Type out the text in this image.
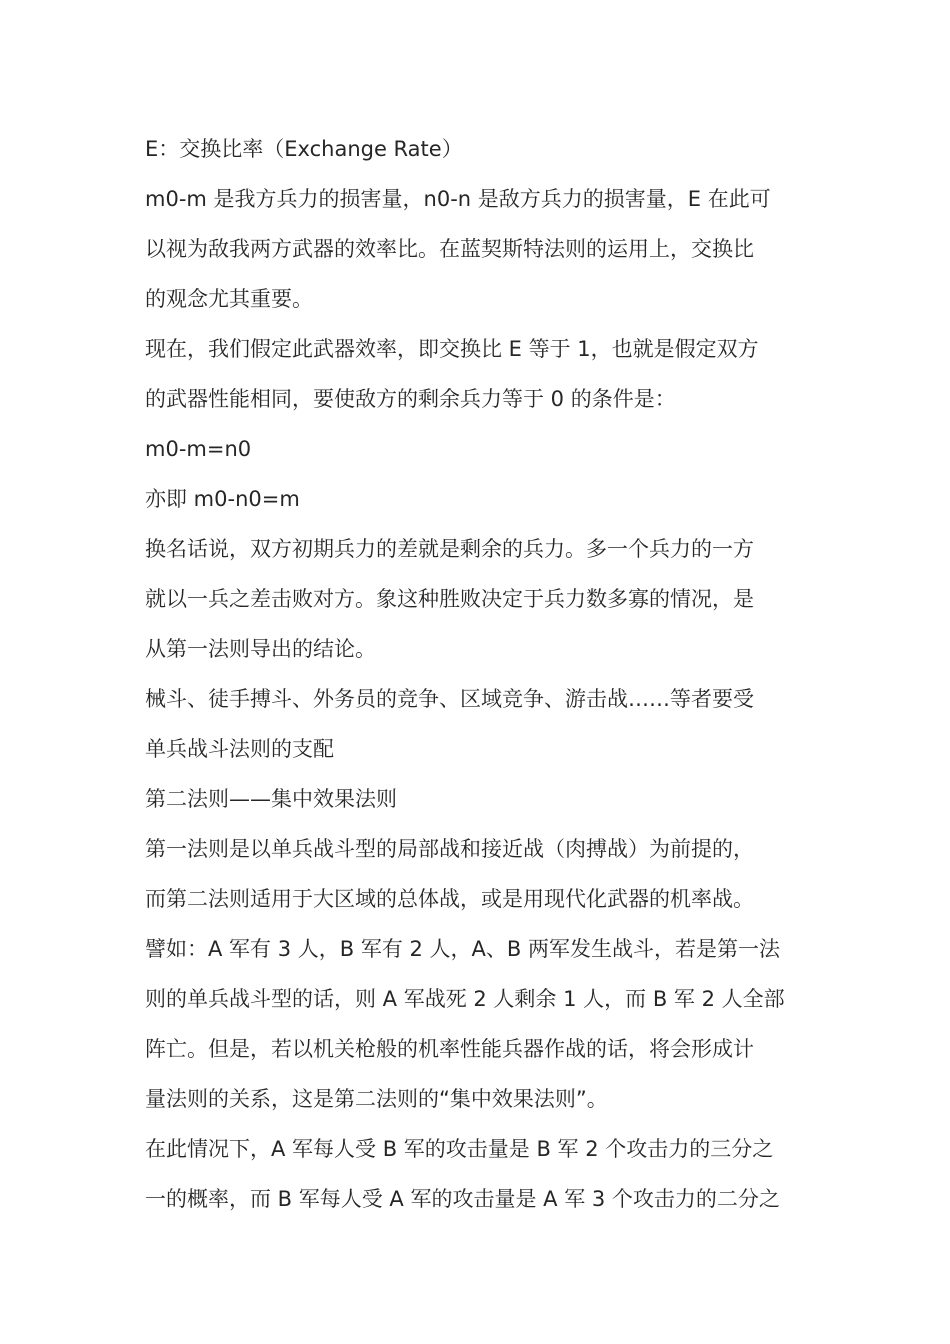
E：交换比率（Exchange Rate）
m0-m 是我方兵力的损害量，n0-n 是敌方兵力的损害量，E 在此可
以视为敌我两方武器的效率比。在蓝契斯特法则的运用上，交换比
的观念尤其重要。
现在，我们假定此武器效率，即交换比 E 等于 1，也就是假定双方
的武器性能相同，要使敌方的剩余兵力等于 0 的条件是：
m0-m=n0
亦即 m0-n0=m
换名话说，双方初期兵力的差就是剩余的兵力。多一个兵力的一方
就以一兵之差击败对方。象这种胜败决定于兵力数多寡的情况，是
从第一法则导出的结论。
械斗、徒手搏斗、外务员的竞争、区域竞争、游击战……等者要受
单兵战斗法则的支配
第二法则——集中效果法则
第一法则是以单兵战斗型的局部战和接近战（肉搏战）为前提的，
而第二法则适用于大区域的总体战，或是用现代化武器的机率战。
譬如：A 军有 3 人，B 军有 2 人，A、B 两军发生战斗，若是第一法
则的单兵战斗型的话，则 A 军战死 2 人剩余 1 人，而 B 军 2 人全部
阵亡。但是，若以机关枪般的机率性能兵器作战的话，将会形成计
量法则的关系，这是第二法则的“集中效果法则”。
在此情况下，A 军每人受 B 军的攻击量是 B 军 2 个攻击力的三分之
一的概率，而 B 军每人受 A 军的攻击量是 A 军 3 个攻击力的二分之
